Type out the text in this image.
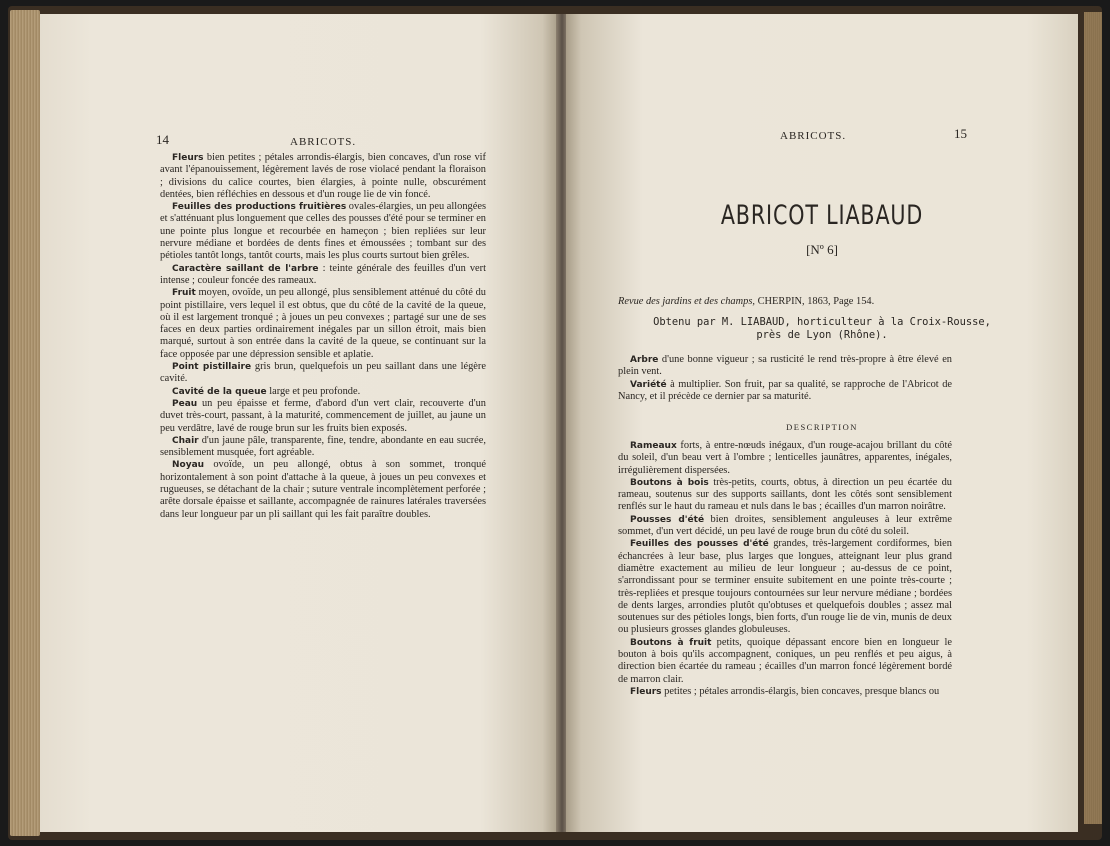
14	ABRICOTS.

Fleurs bien petites ; pétales arrondis-élargis, bien concaves, d'un rose vif avant l'épanouissement, légèrement lavés de rose violacé pendant la floraison ; divisions du calice courtes, bien élargies, à pointe nulle, obscurément dentées, bien réfléchies en dessous et d'un rouge lie de vin foncé.

Feuilles des productions fruitières ovales-élargies, un peu allongées et s'atténuant plus longuement que celles des pousses d'été pour se terminer en une pointe plus longue et recourbée en hameçon ; bien repliées sur leur nervure médiane et bordées de dents fines et émoussées ; tombant sur des pétioles tantôt longs, tantôt courts, mais les plus courts surtout bien grêles.

Caractère saillant de l'arbre : teinte générale des feuilles d'un vert intense ; couleur foncée des rameaux.

Fruit moyen, ovoïde, un peu allongé, plus sensiblement atténué du côté du point pistillaire, vers lequel il est obtus, que du côté de la cavité de la queue, où il est largement tronqué ; à joues un peu convexes ; partagé sur une de ses faces en deux parties ordinairement inégales par un sillon étroit, mais bien marqué, surtout à son entrée dans la cavité de la queue, se continuant sur la face opposée par une dépression sensible et aplatie.

Point pistillaire gris brun, quelquefois un peu saillant dans une légère cavité.

Cavité de la queue large et peu profonde.

Peau un peu épaisse et ferme, d'abord d'un vert clair, recouverte d'un duvet très-court, passant, à la maturité, commencement de juillet, au jaune un peu verdâtre, lavé de rouge brun sur les fruits bien exposés.

Chair d'un jaune pâle, transparente, fine, tendre, abondante en eau sucrée, sensiblement musquée, fort agréable.

Noyau ovoïde, un peu allongé, obtus à son sommet, tronqué horizontalement à son point d'attache à la queue, à joues un peu convexes et rugueuses, se détachant de la chair ; suture ventrale incomplètement perforée ; arête dorsale épaisse et saillante, accompagnée de rainures latérales traversées dans leur longueur par un pli saillant qui les fait paraître doubles.

ABRICOTS.	15
ABRICOT LIABAUD
[Nº 6]
Revue des jardins et des champs, CHERPIN, 1863, Page 154.
Obtenu par M. LIABAUD, horticulteur à la Croix-Rousse,
près de Lyon (Rhône).

Arbre d'une bonne vigueur ; sa rusticité le rend très-propre à être élevé en plein vent.

Variété à multiplier. Son fruit, par sa qualité, se rapproche de l'Abricot de Nancy, et il précède ce dernier par sa maturité.

DESCRIPTION

Rameaux forts, à entre-nœuds inégaux, d'un rouge-acajou brillant du côté du soleil, d'un beau vert à l'ombre ; lenticelles jaunâtres, apparentes, inégales, irrégulièrement dispersées.

Boutons à bois très-petits, courts, obtus, à direction un peu écartée du rameau, soutenus sur des supports saillants, dont les côtés sont sensiblement renflés sur le haut du rameau et nuls dans le bas ; écailles d'un marron noirâtre.

Pousses d'été bien droites, sensiblement anguleuses à leur extrême sommet, d'un vert décidé, un peu lavé de rouge brun du côté du soleil.

Feuilles des pousses d'été grandes, très-largement cordiformes, bien échancrées à leur base, plus larges que longues, atteignant leur plus grand diamètre exactement au milieu de leur longueur ; au-dessus de ce point, s'arrondissant pour se terminer ensuite subitement en une pointe très-courte ; très-repliées et presque toujours contournées sur leur nervure médiane ; bordées de dents larges, arrondies plutôt qu'obtuses et quelquefois doubles ; assez mal soutenues sur des pétioles longs, bien forts, d'un rouge lie de vin, munis de deux ou plusieurs grosses glandes globuleuses.

Boutons à fruit petits, quoique dépassant encore bien en longueur le bouton à bois qu'ils accompagnent, coniques, un peu renflés et peu aigus, à direction bien écartée du rameau ; écailles d'un marron foncé légèrement bordé de marron clair.

Fleurs petites ; pétales arrondis-élargis, bien concaves, presque blancs ou
